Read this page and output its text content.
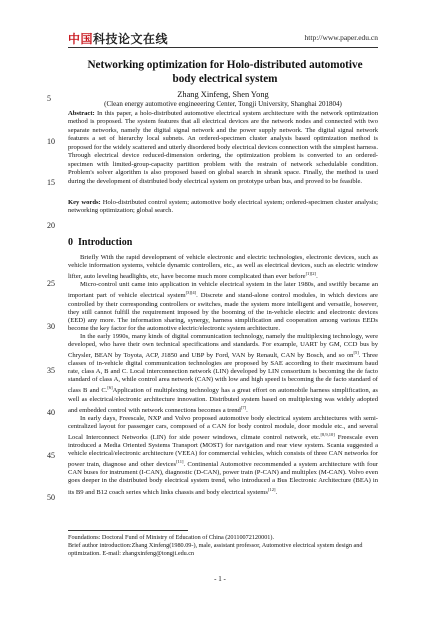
中国科技论文在线	http://www.paper.edu.cn
Networking optimization for Holo-distributed automotive
body electrical system
Zhang Xinfeng, Shen Yong
(Clean energy automotive engineeering Center, Tongji University, Shanghai 201804)
Abstract: In this paper, a holo-distributed automotive electrical system architecture with the network optimization method is proposed. The system features that all electrical devices are the network nodes and connected with two separate networks, namely the digital signal network and the power supply network. The digital signal network features a set of hierarchy local subnets. An ordered-specimen cluster analysis based optimization method is proposed for the widely scattered and utterly disordered body electrical devices connection with the simplest harness. Through electrical device reduced-dimension ordering, the optimization problem is converted to an ordered-specimen with limited-group-capacity partition problem with the restrain of network schedulable condition. Problem's solver algorithm is also proposed based on global search in shrank space. Finally, the method is used during the development of distributed body electrical system on prototype urban bus, and proved to be feasible.
Key words: Holo-distributed control system; automotive body electrical system; ordered-specimen cluster analysis; networking optimization; global search.
0 Introduction

Briefly With the rapid development of vehicle electronic and electric technologies, electronic devices, such as vehicle information systems, vehicle dynamic controllers, etc., as well as electrical devices, such as electric window lifter, auto leveling headlights, etc, have become much more complicated than ever before[1][2].

Micro-control unit came into application in vehicle electrical system in the later 1980s, and swiftly became an important part of vehicle electrical system[3][4]. Discrete and stand-alone control modules, in which devices are controlled by their corresponding controllers or switches, made the system more intelligent and versatile, however, they still cannot fulfill the requirement imposed by the booming of the in-vehicle electric and electronic devices (EED) any more. The information sharing, synergy, harness simplification and cooperation among various EEDs become the key factor for the automotive electric/electronic system architecture.

In the early 1990s, many kinds of digital communication technology, namely the multiplexing technology, were developed, who have their own technical specifications and standards. For example, UART by GM, CCD bus by Chrysler, BEAN by Toyota, ACP, J1850 and UBP by Ford, VAN by Renault, CAN by Bosch, and so on[5]. Three classes of in-vehicle digital communication technologies are proposed by SAE according to their maximum baud rate, class A, B and C. Local interconnection network (LIN) developed by LIN consortium is becoming the de facto standard of class A, while control area network (CAN) with low and high speed is becoming the de facto standard of class B and C.[6]Application of multiplexing technology has a great effort on automobile harness simplification, as well as electrical/electronic architecture innovation. Distributed system based on multiplexing was widely adopted and embedded control with network connections becomes a trend[7].

In early days, Freescale, NXP and Volvo proposed automotive body electrical system architectures with semi-centralized layout for passenger cars, composed of a CAN for body control module, door module etc., and several Local Interconnect Networks (LIN) for side power windows, climate control network, etc.[8,9,10] Freescale even introduced a Media Oriented Systems Transport (MOST) for navigation and rear view system. Scania suggested a vehicle electrical/electronic architecture (VEEA) for commercial vehicles, which consists of three CAN networks for power train, diagnose and other devices[11]. Continental Automotive recommended a system architecture with four CAN buses for instrument (I-CAN), diagnostic (D-CAN), power train (P-CAN) and multiplex (M-CAN). Volvo even goes deeper in the distributed body electrical system trend, who introduced a Bus Electronic Architecture (BEA) in its B9 and B12 coach series which links chassis and body electrical systems[12].

Foundations: Doctoral Fund of Ministry of Education of China (20110072120001).
Brief author introduction:Zhang Xinfeng(1980.09-), male, assistant professor, Automotive electrical system design and optimization. E-mail: zhangxinfeng@tongji.edu.cn
- 1 -
5
10
15
20
25
30
35
40
45
50
